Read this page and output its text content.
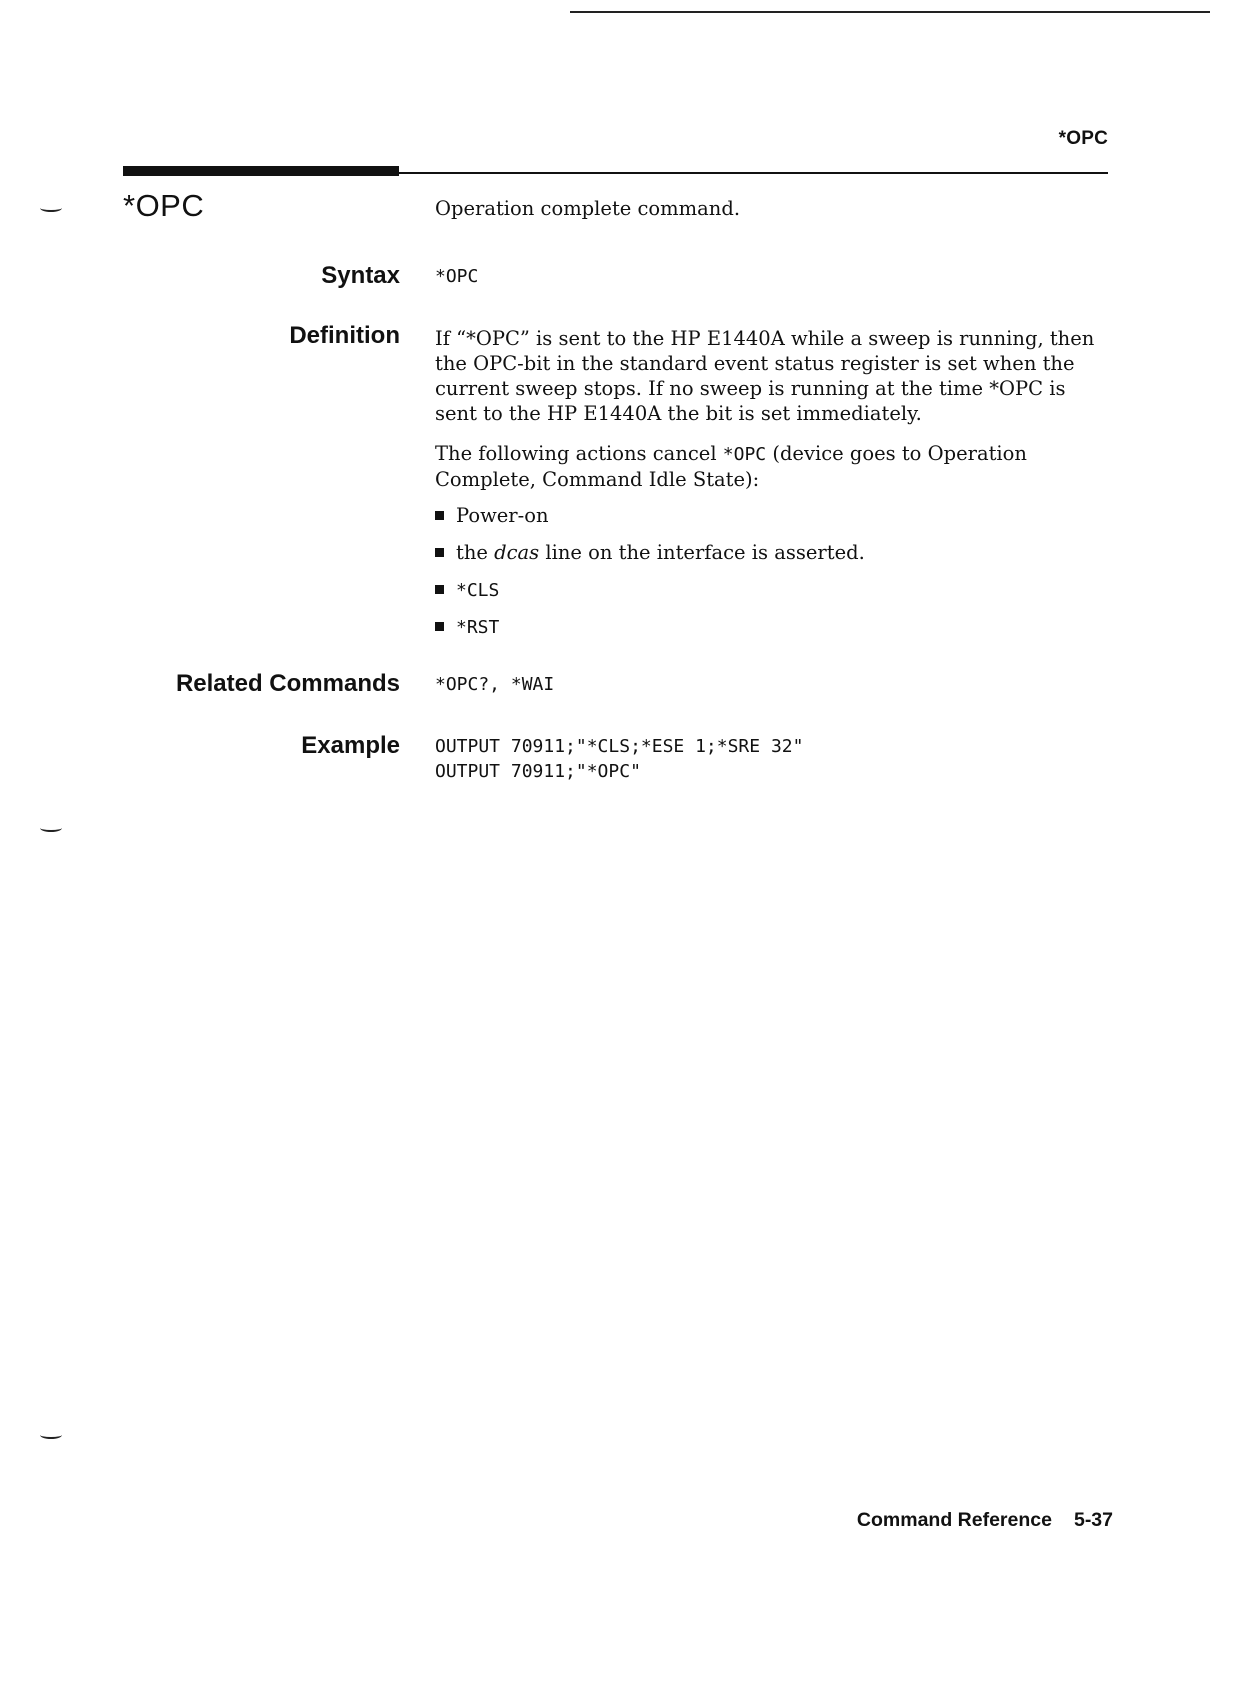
*OPC
*OPC	Operation complete command.
Syntax *OPC
Definition If “*OPC” is sent to the HP E1440A while a sweep is running, then the OPC-bit in the standard event status register is set when the current sweep stops. If no sweep is running at the time *OPC is sent to the HP E1440A the bit is set immediately.
The following actions cancel *OPC (device goes to Operation Complete, Command Idle State):
Power-on
the dcas line on the interface is asserted.
*CLS
*RST
Related Commands *OPC?, *WAI
Example OUTPUT 70911;"*CLS;*ESE 1;*SRE 32"
OUTPUT 70911;"*OPC"
Command Reference 5-37
